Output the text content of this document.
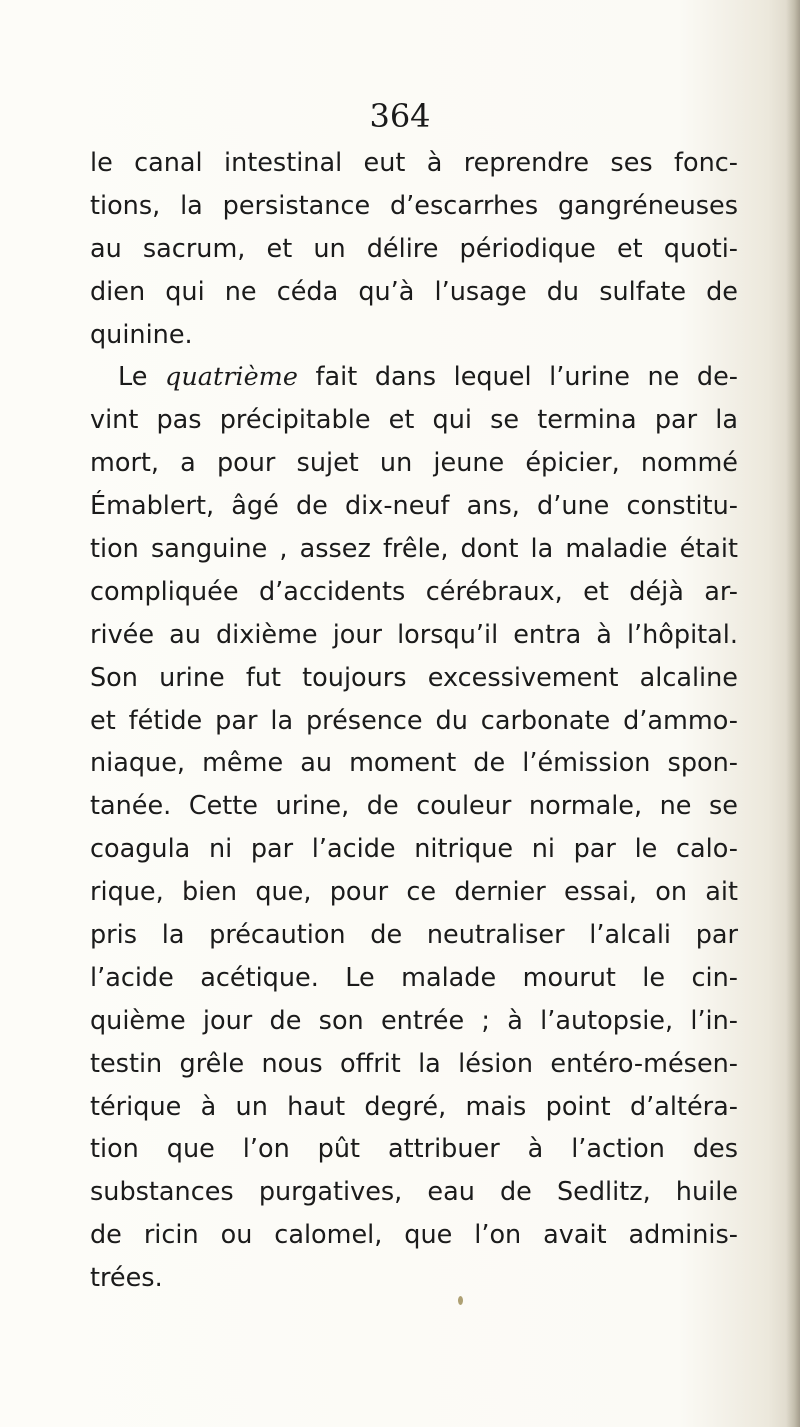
364
le canal intestinal eut à reprendre ses fonc-
tions, la persistance d’escarrhes gangréneuses
au sacrum, et un délire périodique et quoti-
dien qui ne céda qu’à l’usage du sulfate de
quinine.
Le quatrième fait dans lequel l’urine ne de-
vint pas précipitable et qui se termina par la
mort, a pour sujet un jeune épicier, nommé
Émablert, âgé de dix-neuf ans, d’une constitu-
tion sanguine , assez frêle, dont la maladie était
compliquée d’accidents cérébraux, et déjà ar-
rivée au dixième jour lorsqu’il entra à l’hôpital.
Son urine fut toujours excessivement alcaline
et fétide par la présence du carbonate d’ammo-
niaque, même au moment de l’émission spon-
tanée. Cette urine, de couleur normale, ne se
coagula ni par l’acide nitrique ni par le calo-
rique, bien que, pour ce dernier essai, on ait
pris la précaution de neutraliser l’alcali par
l’acide acétique. Le malade mourut le cin-
quième jour de son entrée ; à l’autopsie, l’in-
testin grêle nous offrit la lésion entéro-mésen-
térique à un haut degré, mais point d’altéra-
tion que l’on pût attribuer à l’action des
substances purgatives, eau de Sedlitz, huile
de ricin ou calomel, que l’on avait adminis-
trées.
